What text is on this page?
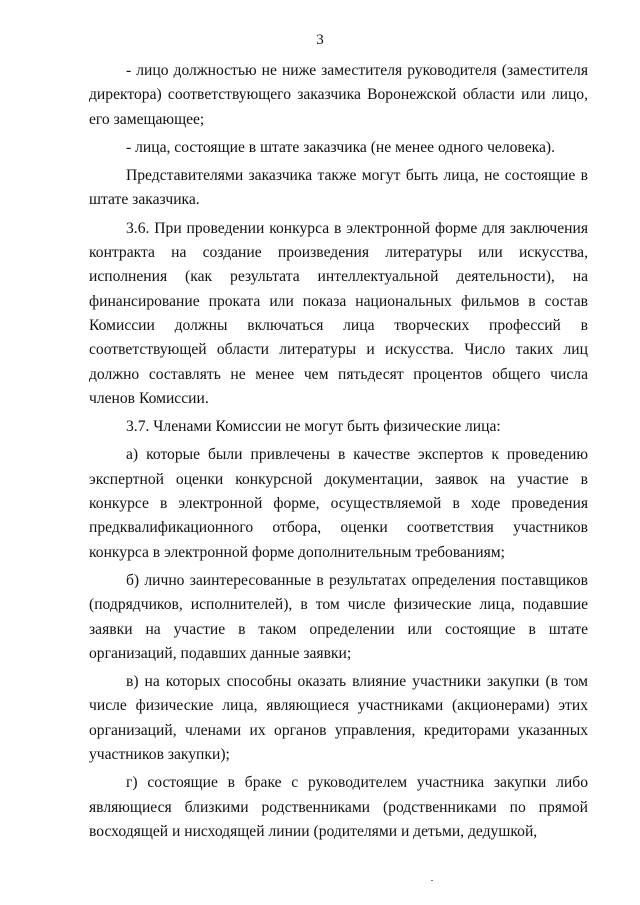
3

- лицо должностью не ниже заместителя руководителя (заместителя директора) соответствующего заказчика Воронежской области или лицо, его замещающее;

- лица, состоящие в штате заказчика (не менее одного человека).

Представителями заказчика также могут быть лица, не состоящие в штате заказчика.

3.6. При проведении конкурса в электронной форме для заключения контракта на создание произведения литературы или искусства, исполнения (как результата интеллектуальной деятельности), на финансирование проката или показа национальных фильмов в состав Комиссии должны включаться лица творческих профессий в соответствующей области литературы и искусства. Число таких лиц должно составлять не менее чем пятьдесят процентов общего числа членов Комиссии.

3.7. Членами Комиссии не могут быть физические лица:

а) которые были привлечены в качестве экспертов к проведению экспертной оценки конкурсной документации, заявок на участие в конкурсе в электронной форме, осуществляемой в ходе проведения предквалификационного отбора, оценки соответствия участников конкурса в электронной форме дополнительным требованиям;

б) лично заинтересованные в результатах определения поставщиков (подрядчиков, исполнителей), в том числе физические лица, подавшие заявки на участие в таком определении или состоящие в штате организаций, подавших данные заявки;

в) на которых способны оказать влияние участники закупки (в том числе физические лица, являющиеся участниками (акционерами) этих организаций, членами их органов управления, кредиторами указанных участников закупки);

г) состоящие в браке с руководителем участника закупки либо являющиеся близкими родственниками (родственниками по прямой восходящей и нисходящей линии (родителями и детьми, дедушкой,
